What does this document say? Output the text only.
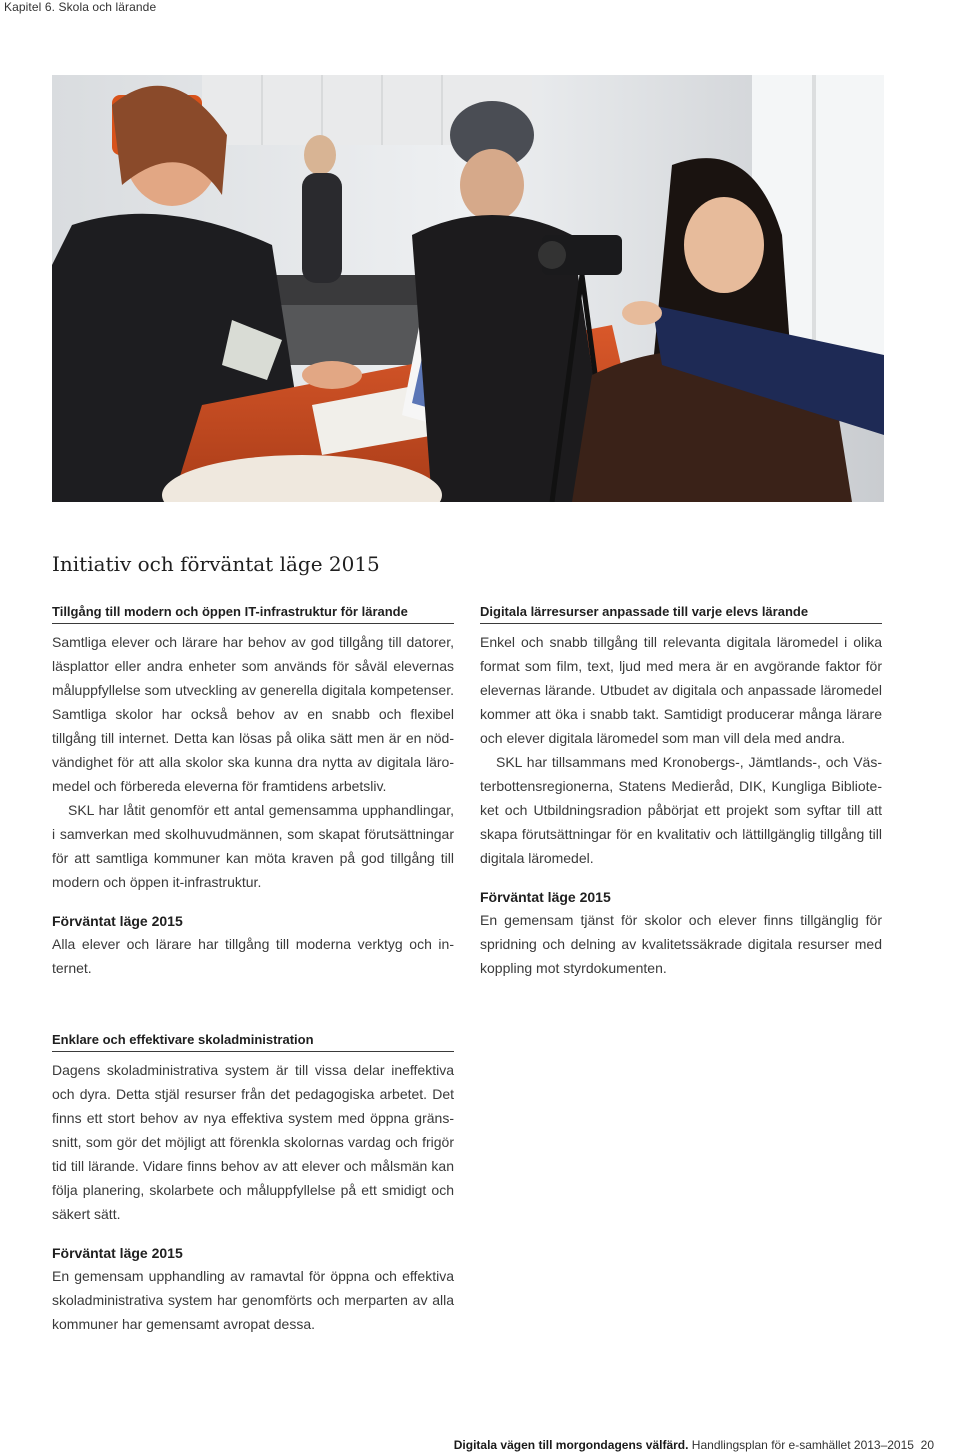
Kapitel 6. Skola och lärande
Initiativ och förväntat läge 2015
Tillgång till modern och öppen IT-infrastruktur för lärande

Samtliga elever och lärare har behov av god tillgång till datorer, läsplattor eller andra enheter som används för såväl elevernas måluppfyllelse som utveckling av generella digitala kompetenser. Samtliga skolor har också behov av en snabb och flexibel tillgång till internet. Detta kan lösas på olika sätt men är en nödvändighet för att alla skolor ska kunna dra nytta av digitala läromedel och förbereda eleverna för framtidens arbetsliv.

SKL har låtit genomför ett antal gemensamma upphandlingar, i samverkan med skolhuvudmännen, som skapat förutsättningar för att samtliga kommuner kan möta kraven på god tillgång till modern och öppen it-infrastruktur.

Förväntat läge 2015

Alla elever och lärare har tillgång till moderna verktyg och internet.

Digitala lärresurser anpassade till varje elevs lärande

Enkel och snabb tillgång till relevanta digitala läromedel i olika format som film, text, ljud med mera är en avgörande faktor för elevernas lärande. Utbudet av digitala och anpassade läromedel kommer att öka i snabb takt. Samtidigt producerar många lärare och elever digitala läromedel som man vill dela med andra.

SKL har tillsammans med Kronobergs-, Jämtlands-, och Västerbottensregionerna, Statens Medieråd, DIK, Kungliga Biblioteket och Utbildningsradion påbörjat ett projekt som syftar till att skapa förutsättningar för en kvalitativ och lättillgänglig tillgång till digitala läromedel.

Förväntat läge 2015

En gemensam tjänst för skolor och elever finns tillgänglig för spridning och delning av kvalitetssäkrade digitala resurser med koppling mot styrdokumenten.

Enklare och effektivare skoladministration

Dagens skoladministrativa system är till vissa delar ineffektiva och dyra. Detta stjäl resurser från det pedagogiska arbetet. Det finns ett stort behov av nya effektiva system med öppna gränssnitt, som gör det möjligt att förenkla skolornas vardag och frigör tid till lärande. Vidare finns behov av att elever och målsmän kan följa planering, skolarbete och måluppfyllelse på ett smidigt och säkert sätt.

Förväntat läge 2015

En gemensam upphandling av ramavtal för öppna och effektiva skoladministrativa system har genomförts och merparten av alla kommuner har gemensamt avropat dessa.

Digitala vägen till morgondagens välfärd. Handlingsplan för e-samhället 2013–2015 20
